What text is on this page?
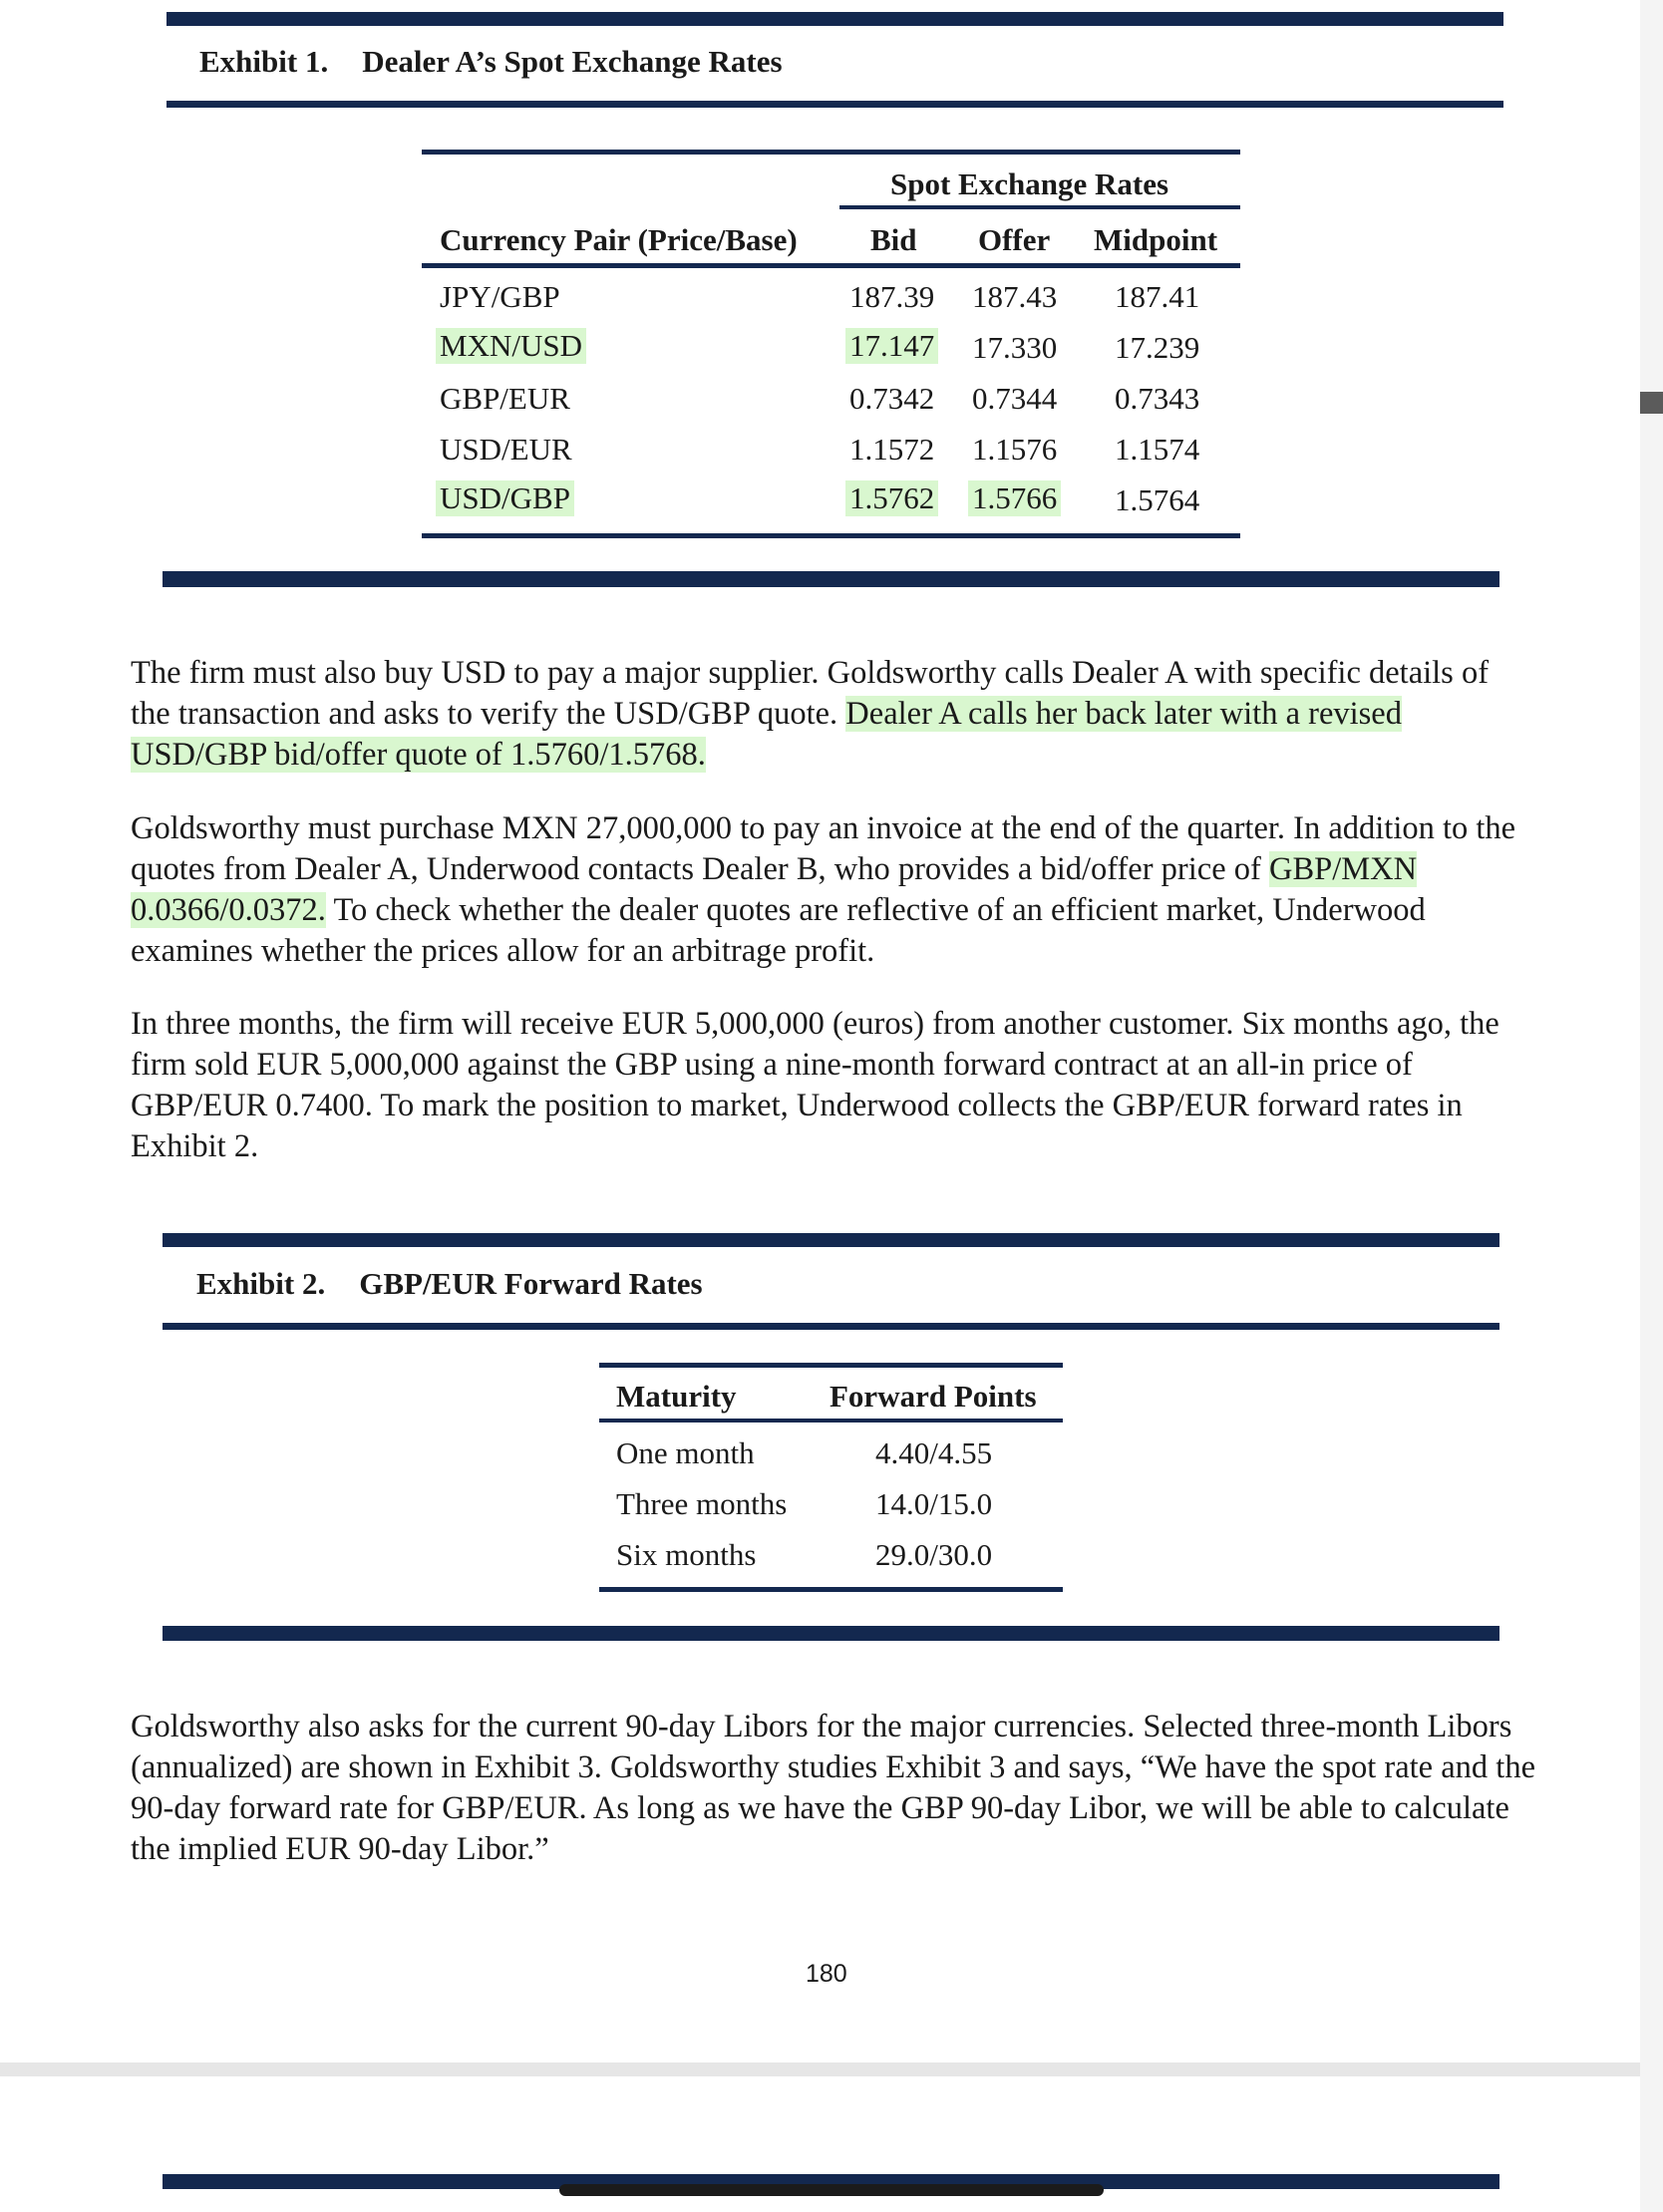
Exhibit 1. Dealer A’s Spot Exchange Rates
Spot Exchange Rates
Currency Pair (Price/Base) Bid Offer Midpoint
JPY/GBP	187.39 187.43 187.41
MXN/USD	17.147 17.330 17.239
GBP/EUR	0.7342 0.7344 0.7343
USD/EUR	1.1572 1.1576 1.1574
USD/GBP	1.5762 1.5766 1.5764
The firm must also buy USD to pay a major supplier. Goldsworthy calls Dealer A with specific details of the transaction and asks to verify the USD/GBP quote. Dealer A calls her back later with a revised USD/GBP bid/offer quote of 1.5760/1.5768.
Goldsworthy must purchase MXN 27,000,000 to pay an invoice at the end of the quarter. In addition to the quotes from Dealer A, Underwood contacts Dealer B, who provides a bid/offer price of GBP/MXN 0.0366/0.0372. To check whether the dealer quotes are reflective of an efficient market, Underwood examines whether the prices allow for an arbitrage profit.
In three months, the firm will receive EUR 5,000,000 (euros) from another customer. Six months ago, the firm sold EUR 5,000,000 against the GBP using a nine-month forward contract at an all-in price of GBP/EUR 0.7400. To mark the position to market, Underwood collects the GBP/EUR forward rates in Exhibit 2.
Exhibit 2. GBP/EUR Forward Rates
Maturity	Forward Points
One month	4.40/4.55
Three months	14.0/15.0
Six months	29.0/30.0
Goldsworthy also asks for the current 90-day Libors for the major currencies. Selected three-month Libors (annualized) are shown in Exhibit 3. Goldsworthy studies Exhibit 3 and says, “We have the spot rate and the 90-day forward rate for GBP/EUR. As long as we have the GBP 90-day Libor, we will be able to calculate the implied EUR 90-day Libor.”
180
